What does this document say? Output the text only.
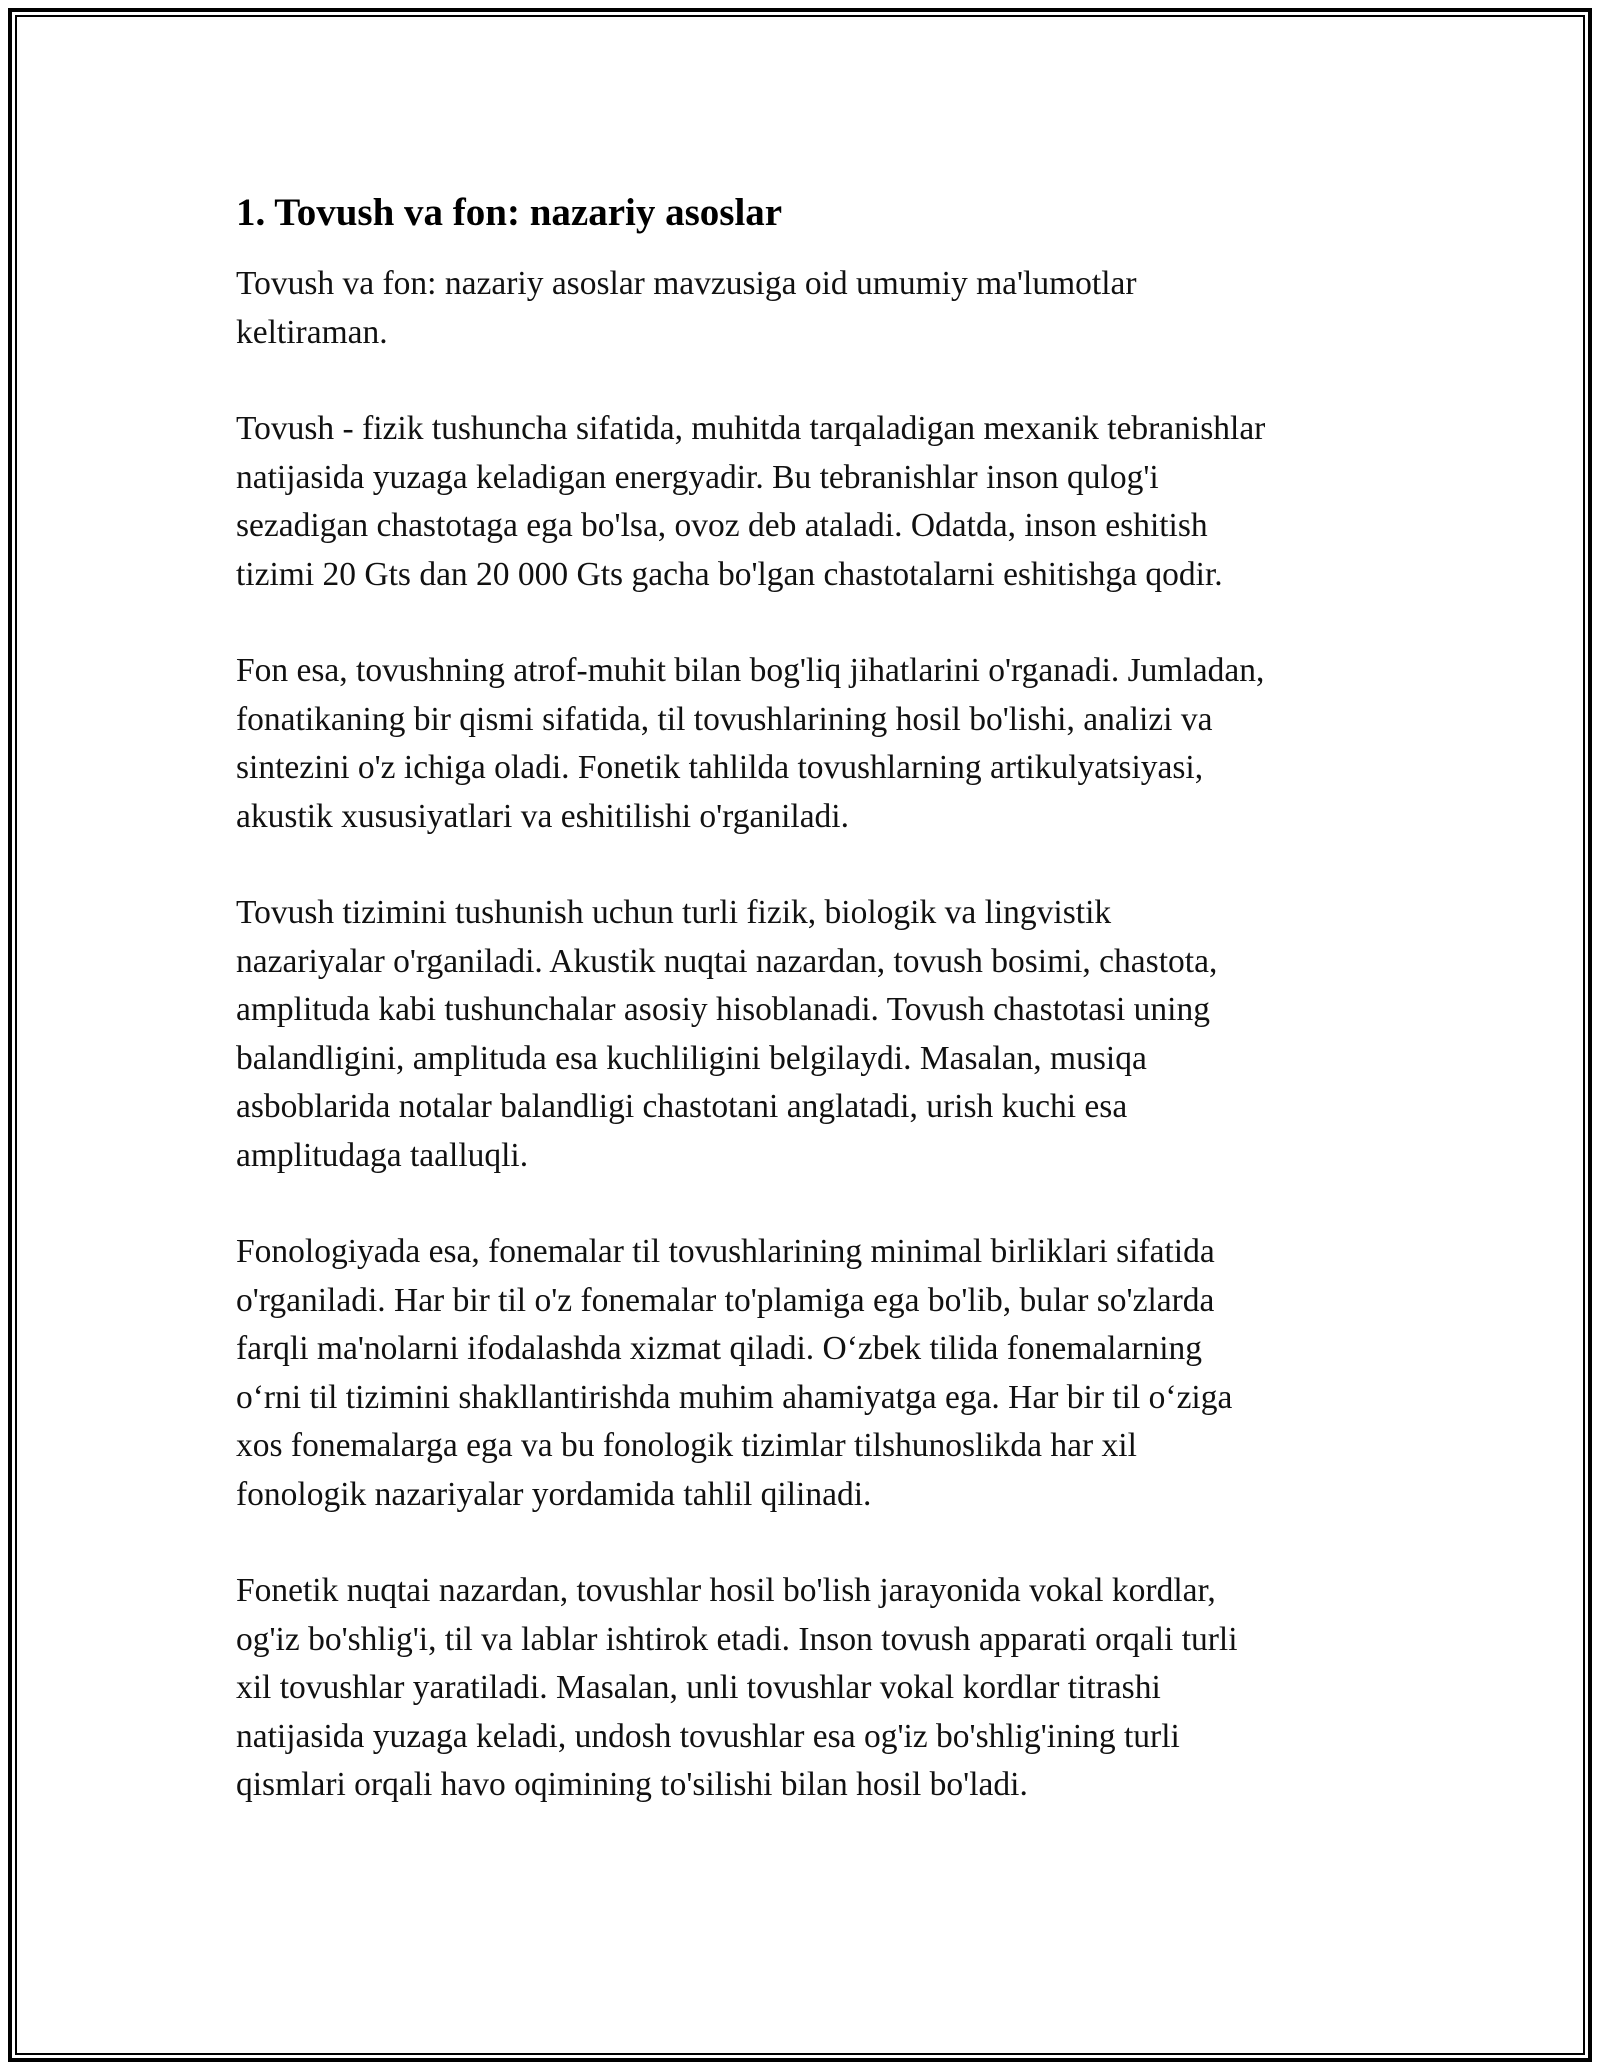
1. Tovush va fon: nazariy asoslar

Tovush va fon: nazariy asoslar mavzusiga oid umumiy ma'lumotlar
keltiraman.

Tovush - fizik tushuncha sifatida, muhitda tarqaladigan mexanik tebranishlar
natijasida yuzaga keladigan energyadir. Bu tebranishlar inson qulog'i
sezadigan chastotaga ega bo'lsa, ovoz deb ataladi. Odatda, inson eshitish
tizimi 20 Gts dan 20 000 Gts gacha bo'lgan chastotalarni eshitishga qodir.

Fon esa, tovushning atrof-muhit bilan bog'liq jihatlarini o'rganadi. Jumladan,
fonatikaning bir qismi sifatida, til tovushlarining hosil bo'lishi, analizi va
sintezini o'z ichiga oladi. Fonetik tahlilda tovushlarning artikulyatsiyasi,
akustik xususiyatlari va eshitilishi o'rganiladi.

Tovush tizimini tushunish uchun turli fizik, biologik va lingvistik
nazariyalar o'rganiladi. Akustik nuqtai nazardan, tovush bosimi, chastota,
amplituda kabi tushunchalar asosiy hisoblanadi. Tovush chastotasi uning
balandligini, amplituda esa kuchliligini belgilaydi. Masalan, musiqa
asboblarida notalar balandligi chastotani anglatadi, urish kuchi esa
amplitudaga taalluqli.

Fonologiyada esa, fonemalar til tovushlarining minimal birliklari sifatida
o'rganiladi. Har bir til o'z fonemalar to'plamiga ega bo'lib, bular so'zlarda
farqli ma'nolarni ifodalashda xizmat qiladi. O‘zbek tilida fonemalarning
o‘rni til tizimini shakllantirishda muhim ahamiyatga ega. Har bir til o‘ziga
xos fonemalarga ega va bu fonologik tizimlar tilshunoslikda har xil
fonologik nazariyalar yordamida tahlil qilinadi.

Fonetik nuqtai nazardan, tovushlar hosil bo'lish jarayonida vokal kordlar,
og'iz bo'shlig'i, til va lablar ishtirok etadi. Inson tovush apparati orqali turli
xil tovushlar yaratiladi. Masalan, unli tovushlar vokal kordlar titrashi
natijasida yuzaga keladi, undosh tovushlar esa og'iz bo'shlig'ining turli
qismlari orqali havo oqimining to'silishi bilan hosil bo'ladi.
